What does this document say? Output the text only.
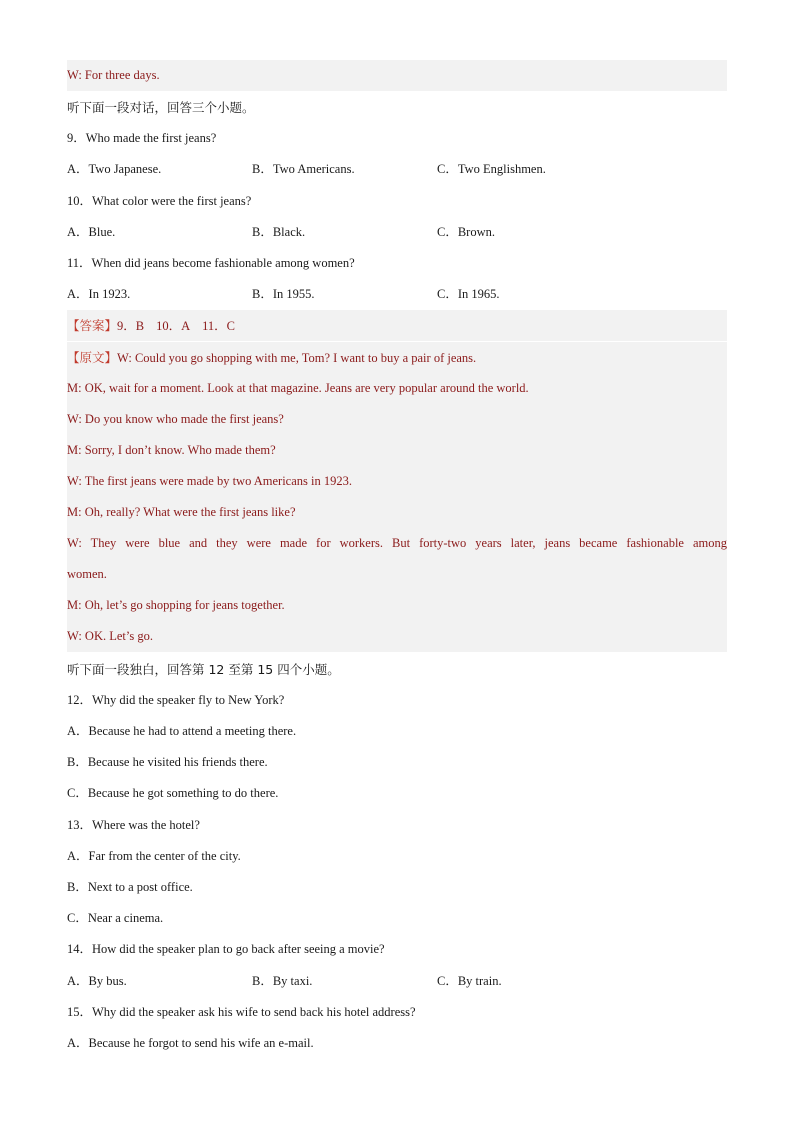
W: For three days.
听下面一段对话，回答三个小题。
9．Who made the first jeans?
A．Two Japanese.	B．Two Americans.	C．Two Englishmen.
10．What color were the first jeans?
A．Blue.	B．Black.	C．Brown.
11．When did jeans become fashionable among women?
A．In 1923.	B．In 1955.	C．In 1965.
【答案】9．B 10．A 11．C
【原文】W: Could you go shopping with me, Tom? I want to buy a pair of jeans.
M: OK, wait for a moment. Look at that magazine. Jeans are very popular around the world.
W: Do you know who made the first jeans?
M: Sorry, I don’t know. Who made them?
W: The first jeans were made by two Americans in 1923.
M: Oh, really? What were the first jeans like?
W: They were blue and they were made for workers. But forty-two years later, jeans became fashionable among
women.
M: Oh, let’s go shopping for jeans together.
W: OK. Let’s go.
听下面一段独白，回答第 12 至第 15 四个小题。
12．Why did the speaker fly to New York?
A．Because he had to attend a meeting there.
B．Because he visited his friends there.
C．Because he got something to do there.
13．Where was the hotel?
A．Far from the center of the city.
B．Next to a post office.
C．Near a cinema.
14．How did the speaker plan to go back after seeing a movie?
A．By bus.	B．By taxi.	C．By train.
15．Why did the speaker ask his wife to send back his hotel address?
A．Because he forgot to send his wife an e-mail.
